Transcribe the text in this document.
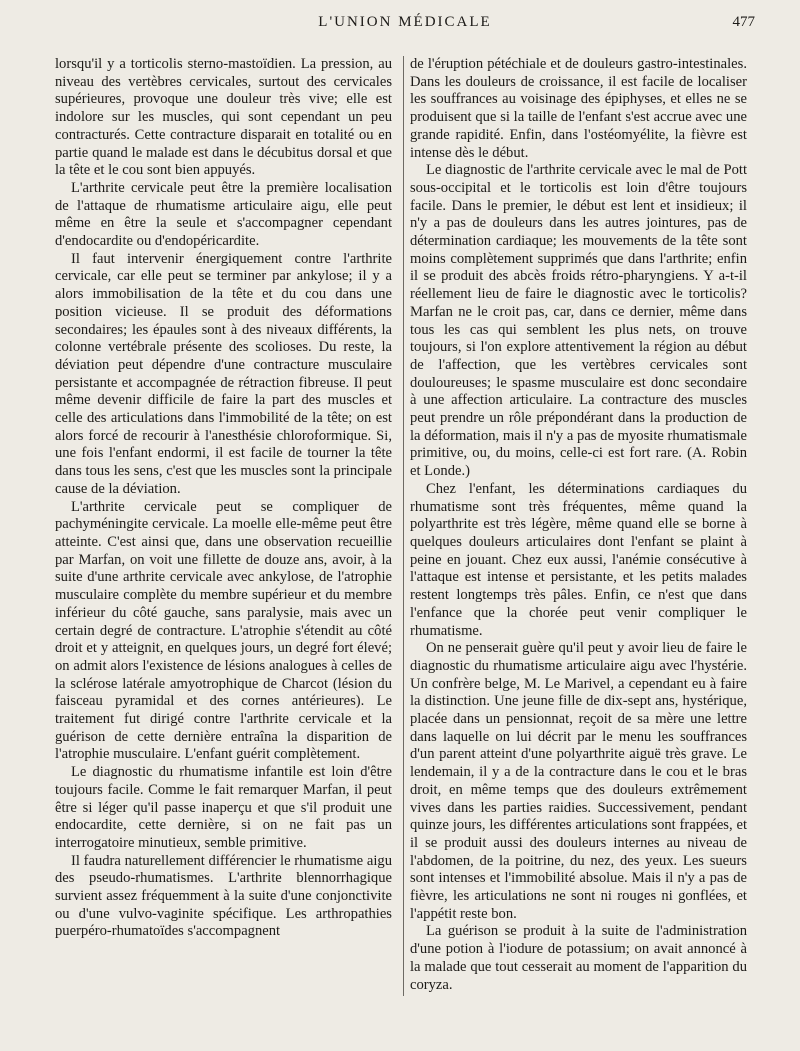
L'UNION MÉDICALE	477

lorsqu'il y a torticolis sterno-mastoïdien. La pression, au niveau des vertèbres cervicales, surtout des cervicales supérieures, provoque une douleur très vive; elle est indolore sur les muscles, qui sont cependant un peu contracturés. Cette contracture disparait en totalité ou en partie quand le malade est dans le décubitus dorsal et que la tête et le cou sont bien appuyés.

L'arthrite cervicale peut être la première localisation de l'attaque de rhumatisme articulaire aigu, elle peut même en être la seule et s'accompagner cependant d'endocardite ou d'endopéricardite.

Il faut intervenir énergiquement contre l'arthrite cervicale, car elle peut se terminer par ankylose; il y a alors immobilisation de la tête et du cou dans une position vicieuse. Il se produit des déformations secondaires; les épaules sont à des niveaux différents, la colonne vertébrale présente des scolioses. Du reste, la déviation peut dépendre d'une contracture musculaire persistante et accompagnée de rétraction fibreuse. Il peut même devenir difficile de faire la part des muscles et celle des articulations dans l'immobilité de la tête; on est alors forcé de recourir à l'anesthésie chloroformique. Si, une fois l'enfant endormi, il est facile de tourner la tête dans tous les sens, c'est que les muscles sont la principale cause de la déviation.

L'arthrite cervicale peut se compliquer de pachyméningite cervicale. La moelle elle-même peut être atteinte. C'est ainsi que, dans une observation recueillie par Marfan, on voit une fillette de douze ans, avoir, à la suite d'une arthrite cervicale avec ankylose, de l'atrophie musculaire complète du membre supérieur et du membre inférieur du côté gauche, sans paralysie, mais avec un certain degré de contracture. L'atrophie s'étendit au côté droit et y atteignit, en quelques jours, un degré fort élevé; on admit alors l'existence de lésions analogues à celles de la sclérose latérale amyotrophique de Charcot (lésion du faisceau pyramidal et des cornes antérieures). Le traitement fut dirigé contre l'arthrite cervicale et la guérison de cette dernière entraîna la disparition de l'atrophie musculaire. L'enfant guérit complètement.

Le diagnostic du rhumatisme infantile est loin d'être toujours facile. Comme le fait remarquer Marfan, il peut être si léger qu'il passe inaperçu et que s'il produit une endocardite, cette dernière, si on ne fait pas un interrogatoire minutieux, semble primitive.

Il faudra naturellement différencier le rhumatisme aigu des pseudo-rhumatismes. L'arthrite blennorrhagique survient assez fréquemment à la suite d'une conjonctivite ou d'une vulvo-vaginite spécifique. Les arthropathies puerpéro-rhumatoïdes s'accompagnent

de l'éruption pétéchiale et de douleurs gastro-intestinales. Dans les douleurs de croissance, il est facile de localiser les souffrances au voisinage des épiphyses, et elles ne se produisent que si la taille de l'enfant s'est accrue avec une grande rapidité. Enfin, dans l'ostéomyélite, la fièvre est intense dès le début.

Le diagnostic de l'arthrite cervicale avec le mal de Pott sous-occipital et le torticolis est loin d'être toujours facile. Dans le premier, le début est lent et insidieux; il n'y a pas de douleurs dans les autres jointures, pas de détermination cardiaque; les mouvements de la tête sont moins complètement supprimés que dans l'arthrite; enfin il se produit des abcès froids rétro-pharyngiens. Y a-t-il réellement lieu de faire le diagnostic avec le torticolis? Marfan ne le croit pas, car, dans ce dernier, même dans tous les cas qui semblent les plus nets, on trouve toujours, si l'on explore attentivement la région au début de l'affection, que les vertèbres cervicales sont douloureuses; le spasme musculaire est donc secondaire à une affection articulaire. La contracture des muscles peut prendre un rôle prépondérant dans la production de la déformation, mais il n'y a pas de myosite rhumatismale primitive, ou, du moins, celle-ci est fort rare. (A. Robin et Londe.)

Chez l'enfant, les déterminations cardiaques du rhumatisme sont très fréquentes, même quand la polyarthrite est très légère, même quand elle se borne à quelques douleurs articulaires dont l'enfant se plaint à peine en jouant. Chez eux aussi, l'anémie consécutive à l'attaque est intense et persistante, et les petits malades restent longtemps très pâles. Enfin, ce n'est que dans l'enfance que la chorée peut venir compliquer le rhumatisme.

On ne penserait guère qu'il peut y avoir lieu de faire le diagnostic du rhumatisme articulaire aigu avec l'hystérie. Un confrère belge, M. Le Marivel, a cependant eu à faire la distinction. Une jeune fille de dix-sept ans, hystérique, placée dans un pensionnat, reçoit de sa mère une lettre dans laquelle on lui décrit par le menu les souffrances d'un parent atteint d'une polyarthrite aiguë très grave. Le lendemain, il y a de la contracture dans le cou et le bras droit, en même temps que des douleurs extrêmement vives dans les parties raidies. Successivement, pendant quinze jours, les différentes articulations sont frappées, et il se produit aussi des douleurs internes au niveau de l'abdomen, de la poitrine, du nez, des yeux. Les sueurs sont intenses et l'immobilité absolue. Mais il n'y a pas de fièvre, les articulations ne sont ni rouges ni gonflées, et l'appétit reste bon.

La guérison se produit à la suite de l'administration d'une potion à l'iodure de potassium; on avait annoncé à la malade que tout cesserait au moment de l'apparition du coryza.
